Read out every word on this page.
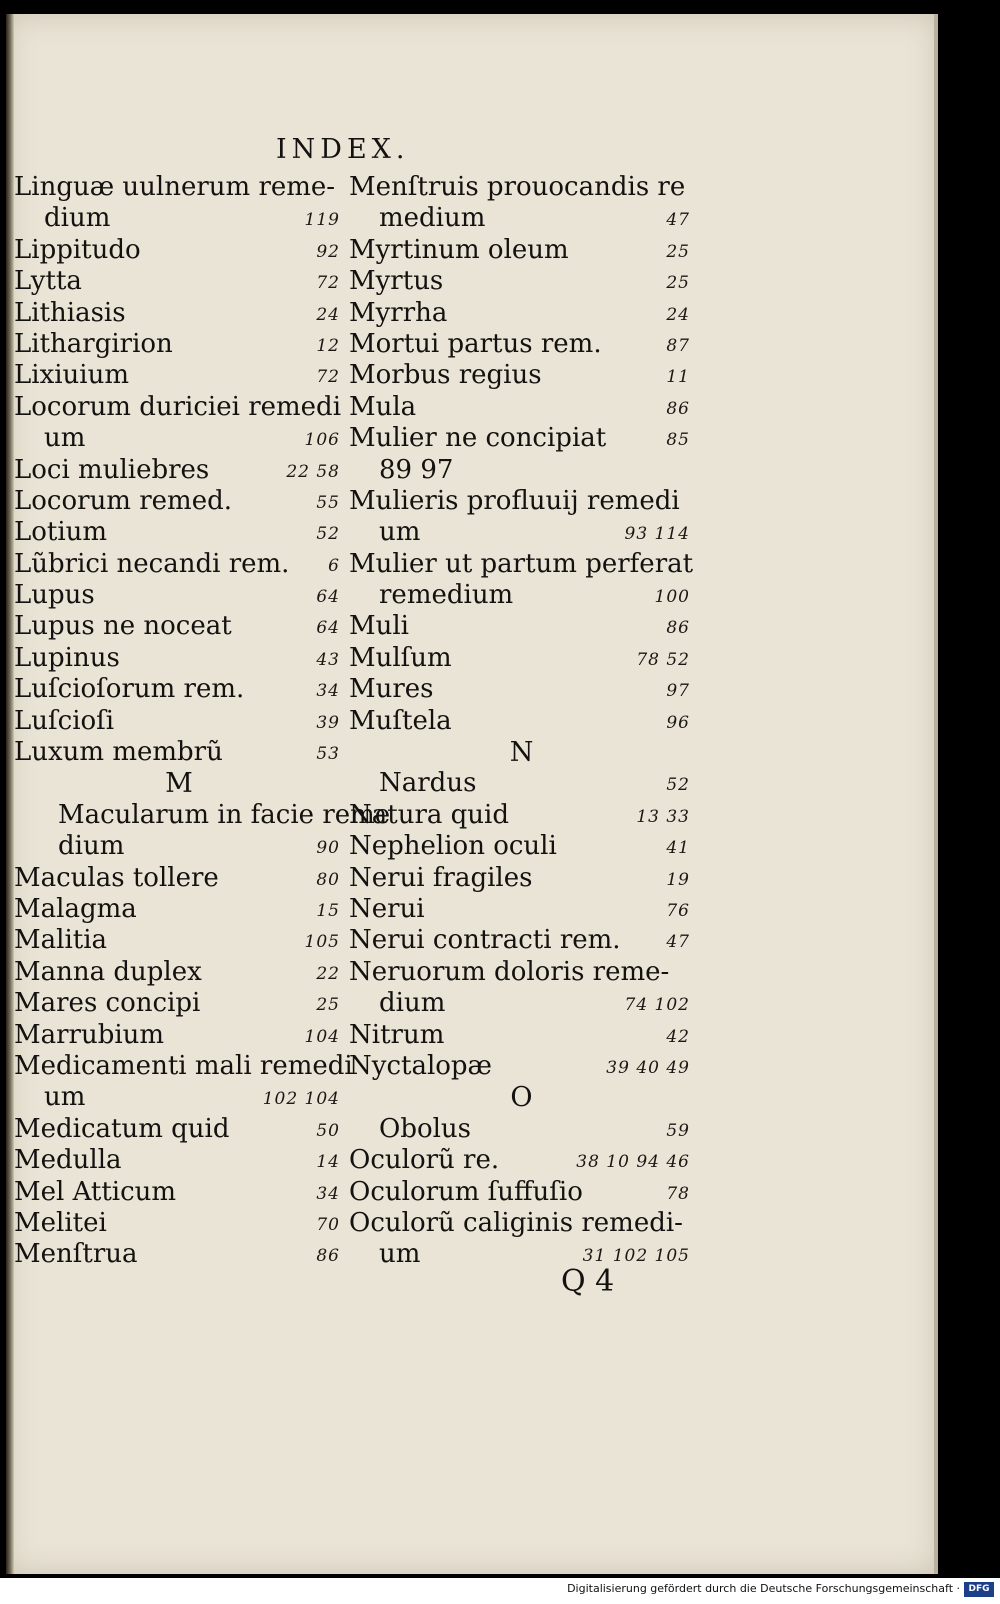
INDEX.
Linguæ uulnerum reme-
dium	119
Lippitudo	92
Lytta	72
Lithiasis	24
Lithargirion	12
Lixiuium	72
Locorum duriciei remedi
um	106
Loci muliebres	22 58
Locorum remed.	55
Lotium	52
Lũbrici necandi rem. 6
Lupus	64
Lupus ne noceat	64
Lupinus	43
Luſcioſorum rem.	34
Luſcioſi	39
Luxum membrũ	53
M
Macularum in facie reme
dium	90
Maculas tollere	80
Malagma	15
Malitia	105
Manna duplex	22
Mares concipi	25
Marrubium	104
Medicamenti mali remedi
um	102 104
Medicatum quid	50
Medulla	14
Mel Atticum	34
Melitei	70
Menſtrua	86
Menſtruis prouocandis re
medium	47
Myrtinum oleum	25
Myrtus	25
Myrrha	24
Mortui partus rem.	87
Morbus regius	11
Mula	86
Mulier ne concipiat	85
89 97
Mulieris profluuij remedi
um	93 114
Mulier ut partum perferat
remedium	100
Muli	86
Mulſum	78 52
Mures	97
Muſtela	96
N
Nardus	52
Natura quid	13 33
Nephelion oculi	41
Nerui fragiles	19
Nerui	76
Nerui contracti rem.	47
Neruorum doloris reme-
dium	74 102
Nitrum	42
Nyctalopæ	39 40 49
O
Obolus	59
Oculorũ re.	38 10 94 46
Oculorum ſuffuſio	78
Oculorũ caliginis remedi-
um	31 102 105
Q 4
Digitalisierung gefördert durch die Deutsche Forschungsgemeinschaft · DFG
